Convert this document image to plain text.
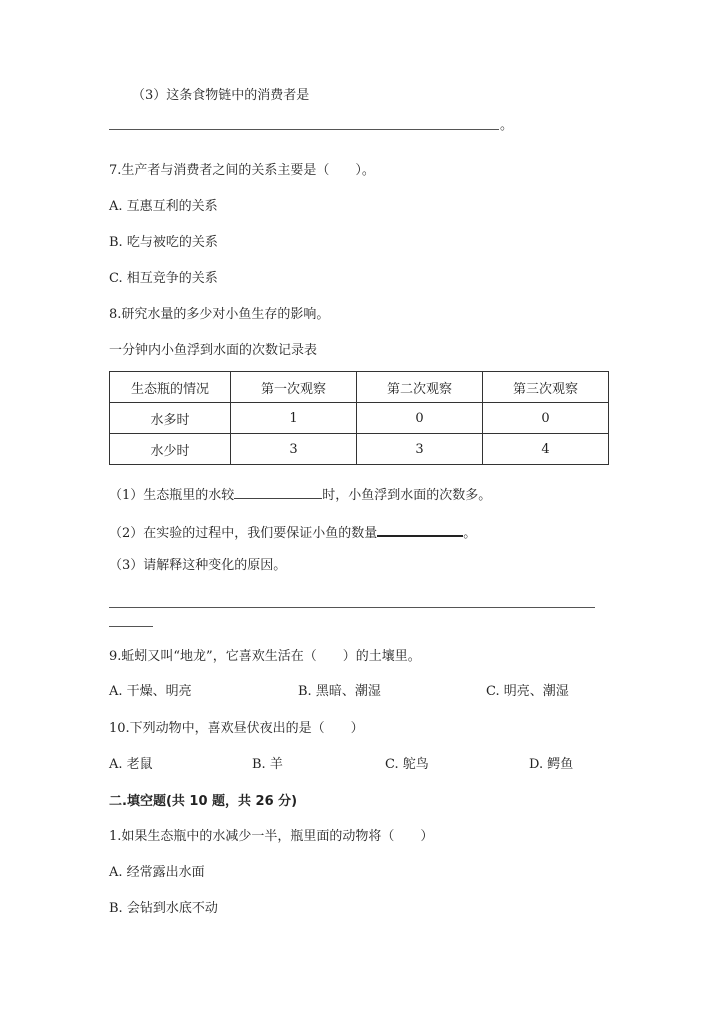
（3）这条食物链中的消费者是
。
7.生产者与消费者之间的关系主要是（　　）。
A. 互惠互利的关系
B. 吃与被吃的关系
C. 相互竞争的关系
8.研究水量的多少对小鱼生存的影响。
一分钟内小鱼浮到水面的次数记录表
生态瓶的情况	第一次观察	第二次观察	第三次观察
水多时	1	0	0
水少时	3	3	4
（1）生态瓶里的水较	时，小鱼浮到水面的次数多。
（2）在实验的过程中，我们要保证小鱼的数量	。
（3）请解释这种变化的原因。
9.蚯蚓又叫“地龙”，它喜欢生活在（　　）的土壤里。
A. 干燥、明亮	B. 黑暗、潮湿	C. 明亮、潮湿
10.下列动物中，喜欢昼伏夜出的是（　　）
A. 老鼠	B. 羊	C. 鸵鸟	D. 鳄鱼
二.填空题(共 10 题，共 26 分)
1.如果生态瓶中的水减少一半，瓶里面的动物将（　　）
A. 经常露出水面
B. 会钻到水底不动
